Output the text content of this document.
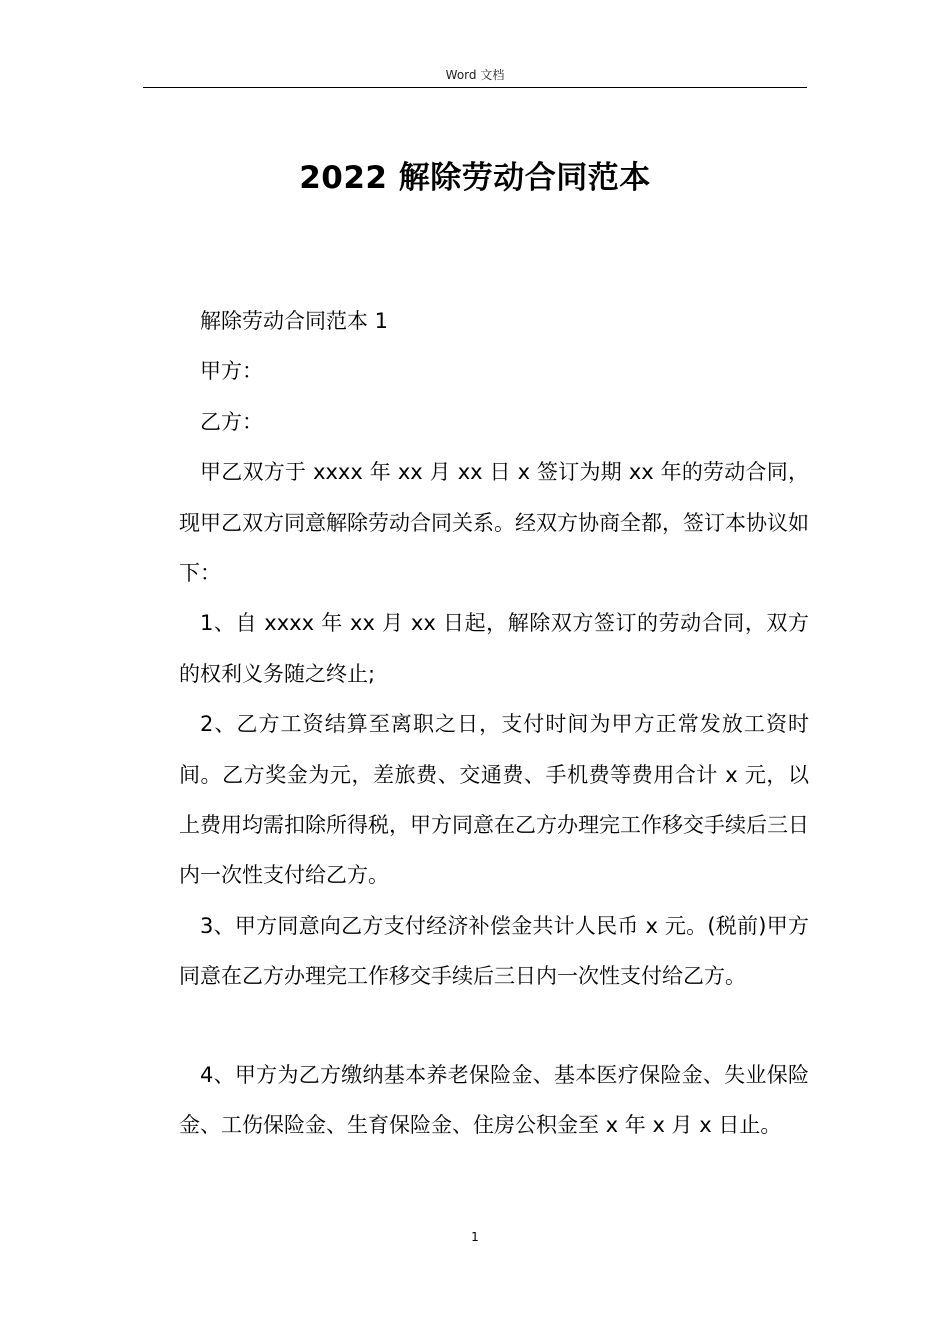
Word 文档
2022 解除劳动合同范本

解除劳动合同范本 1

甲方：

乙方：

甲乙双方于 xxxx 年 xx 月 xx 日 x 签订为期 xx 年的劳动合同，现甲乙双方同意解除劳动合同关系。经双方协商全都，签订本协议如下：

1、自 xxxx 年 xx 月 xx 日起，解除双方签订的劳动合同，双方的权利义务随之终止;

2、乙方工资结算至离职之日，支付时间为甲方正常发放工资时间。乙方奖金为元，差旅费、交通费、手机费等费用合计 x 元，以上费用均需扣除所得税，甲方同意在乙方办理完工作移交手续后三日内一次性支付给乙方。

3、甲方同意向乙方支付经济补偿金共计人民币 x 元。(税前)甲方同意在乙方办理完工作移交手续后三日内一次性支付给乙方。

4、甲方为乙方缴纳基本养老保险金、基本医疗保险金、失业保险金、工伤保险金、生育保险金、住房公积金至 x 年 x 月 x 日止。

1
